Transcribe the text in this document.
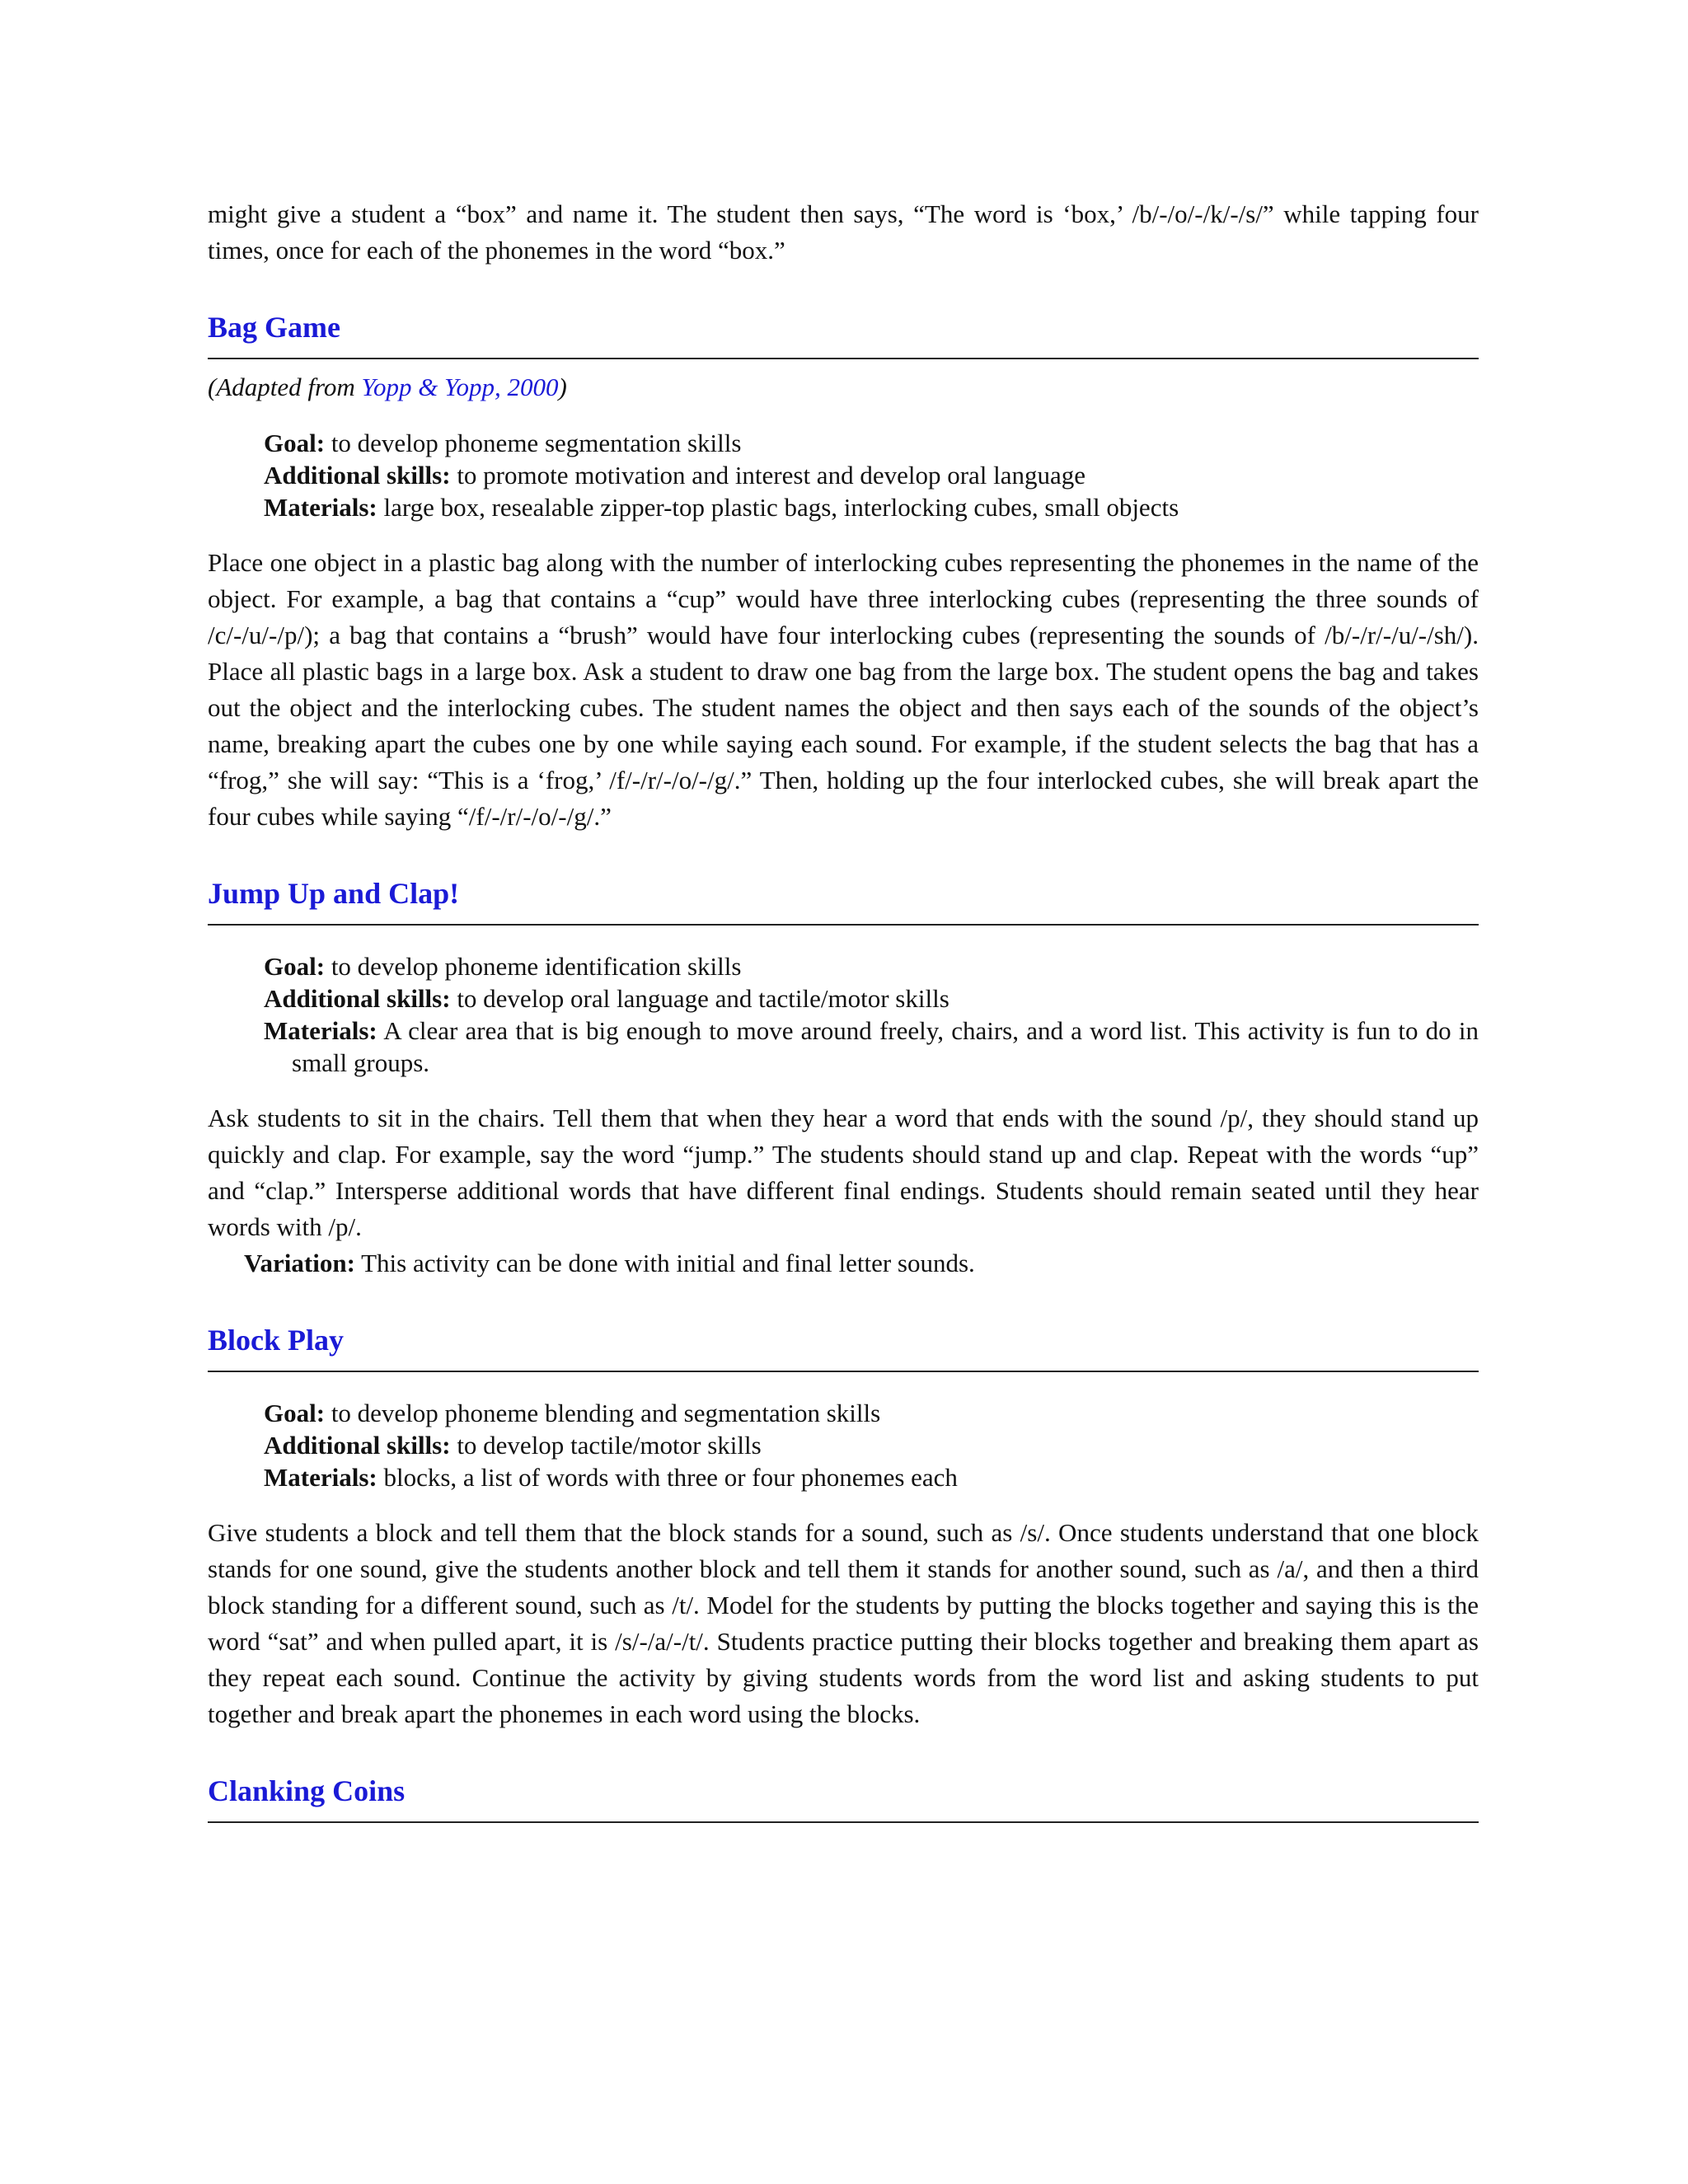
might give a student a “box” and name it. The student then says, “The word is ‘box,’ /b/-/o/-/k/-/s/” while tapping four times, once for each of the phonemes in the word “box.”

Bag Game

(Adapted from Yopp & Yopp, 2000)

Goal: to develop phoneme segmentation skills
Additional skills: to promote motivation and interest and develop oral language
Materials: large box, resealable zipper-top plastic bags, interlocking cubes, small objects

Place one object in a plastic bag along with the number of interlocking cubes representing the phonemes in the name of the object. For example, a bag that contains a “cup” would have three interlocking cubes (representing the three sounds of /c/-/u/-/p/); a bag that contains a “brush” would have four interlocking cubes (representing the sounds of /b/-/r/-/u/-/sh/). Place all plastic bags in a large box. Ask a student to draw one bag from the large box. The student opens the bag and takes out the object and the interlocking cubes. The student names the object and then says each of the sounds of the object’s name, breaking apart the cubes one by one while saying each sound. For example, if the student selects the bag that has a “frog,” she will say: “This is a ‘frog,’ /f/-/r/-/o/-/g/.” Then, holding up the four interlocked cubes, she will break apart the four cubes while saying “/f/-/r/-/o/-/g/.”

Jump Up and Clap!
Goal: to develop phoneme identification skills
Additional skills: to develop oral language and tactile/motor skills
Materials: A clear area that is big enough to move around freely, chairs, and a word list. This activity is fun to do in small groups.

Ask students to sit in the chairs. Tell them that when they hear a word that ends with the sound /p/, they should stand up quickly and clap. For example, say the word “jump.” The students should stand up and clap. Repeat with the words “up” and “clap.” Intersperse additional words that have different final endings. Students should remain seated until they hear words with /p/.

Variation: This activity can be done with initial and final letter sounds.

Block Play
Goal: to develop phoneme blending and segmentation skills
Additional skills: to develop tactile/motor skills
Materials: blocks, a list of words with three or four phonemes each

Give students a block and tell them that the block stands for a sound, such as /s/. Once students understand that one block stands for one sound, give the students another block and tell them it stands for another sound, such as /a/, and then a third block standing for a different sound, such as /t/. Model for the students by putting the blocks together and saying this is the word “sat” and when pulled apart, it is /s/-/a/-/t/. Students practice putting their blocks together and breaking them apart as they repeat each sound. Continue the activity by giving students words from the word list and asking students to put together and break apart the phonemes in each word using the blocks.

Clanking Coins
